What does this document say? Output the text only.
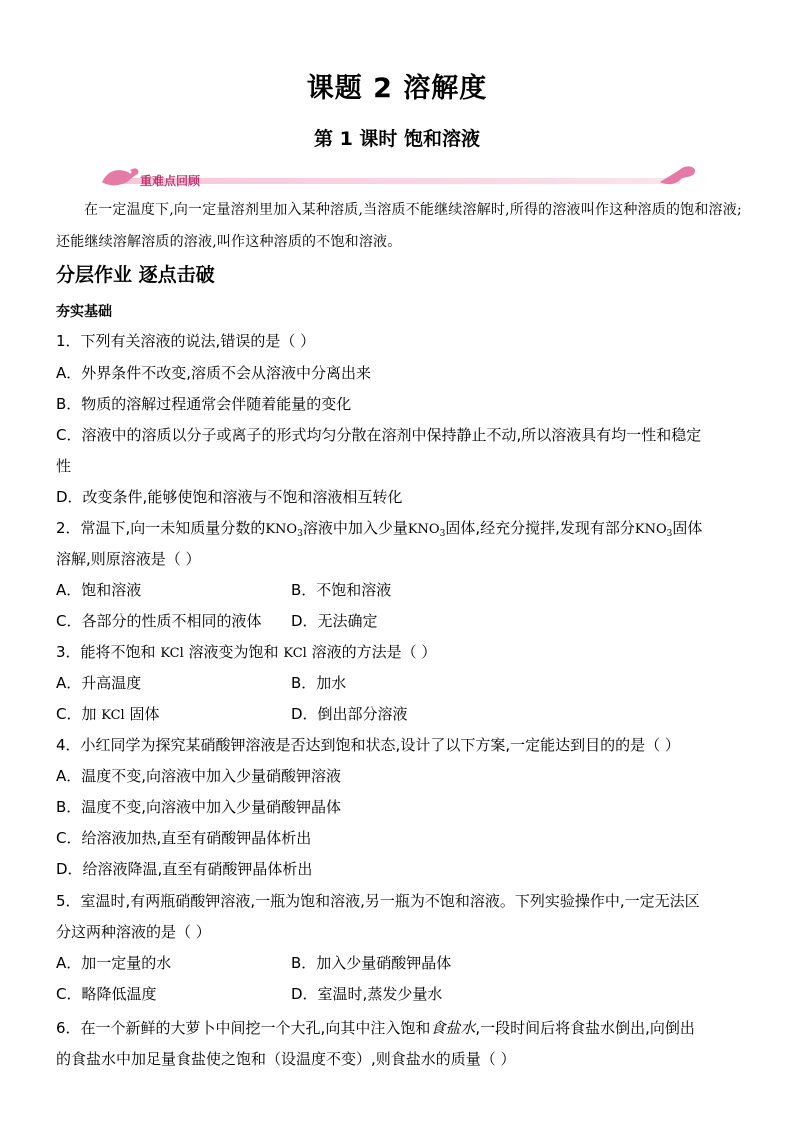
课题 2 溶解度
第 1 课时 饱和溶液
重难点回顾
在一定温度下,向一定量溶剂里加入某种溶质,当溶质不能继续溶解时,所得的溶液叫作这种溶质的饱和溶液;还能继续溶解溶质的溶液,叫作这种溶质的不饱和溶液。
分层作业 逐点击破
夯实基础
1．下列有关溶液的说法,错误的是（ ）
A．外界条件不改变,溶质不会从溶液中分离出来
B．物质的溶解过程通常会伴随着能量的变化
C．溶液中的溶质以分子或离子的形式均匀分散在溶剂中保持静止不动,所以溶液具有均一性和稳定
性
D．改变条件,能够使饱和溶液与不饱和溶液相互转化
2．常温下,向一未知质量分数的$KNO_3$溶液中加入少量$KNO_3$固体,经充分搅拌,发现有部分$KNO_3$固体
溶解,则原溶液是（ ）
A．饱和溶液	B．不饱和溶液
C．各部分的性质不相同的液体 D．无法确定
3．能将不饱和 KCl 溶液变为饱和 KCl 溶液的方法是（ ）
A．升高温度	B．加水
C．加 KCl 固体	D．倒出部分溶液
4．小红同学为探究某硝酸钾溶液是否达到饱和状态,设计了以下方案,一定能达到目的的是（ ）
A．温度不变,向溶液中加入少量硝酸钾溶液
B．温度不变,向溶液中加入少量硝酸钾晶体
C．给溶液加热,直至有硝酸钾晶体析出
D．给溶液降温,直至有硝酸钾晶体析出
5．室温时,有两瓶硝酸钾溶液,一瓶为饱和溶液,另一瓶为不饱和溶液。下列实验操作中,一定无法区
分这两种溶液的是（ ）
A．加一定量的水	B．加入少量硝酸钾晶体
C．略降低温度	D．室温时,蒸发少量水
6．在一个新鲜的大萝卜中间挖一个大孔,向其中注入饱和食盐水,一段时间后将食盐水倒出,向倒出
的食盐水中加足量食盐使之饱和（设温度不变）,则食盐水的质量（ ）
